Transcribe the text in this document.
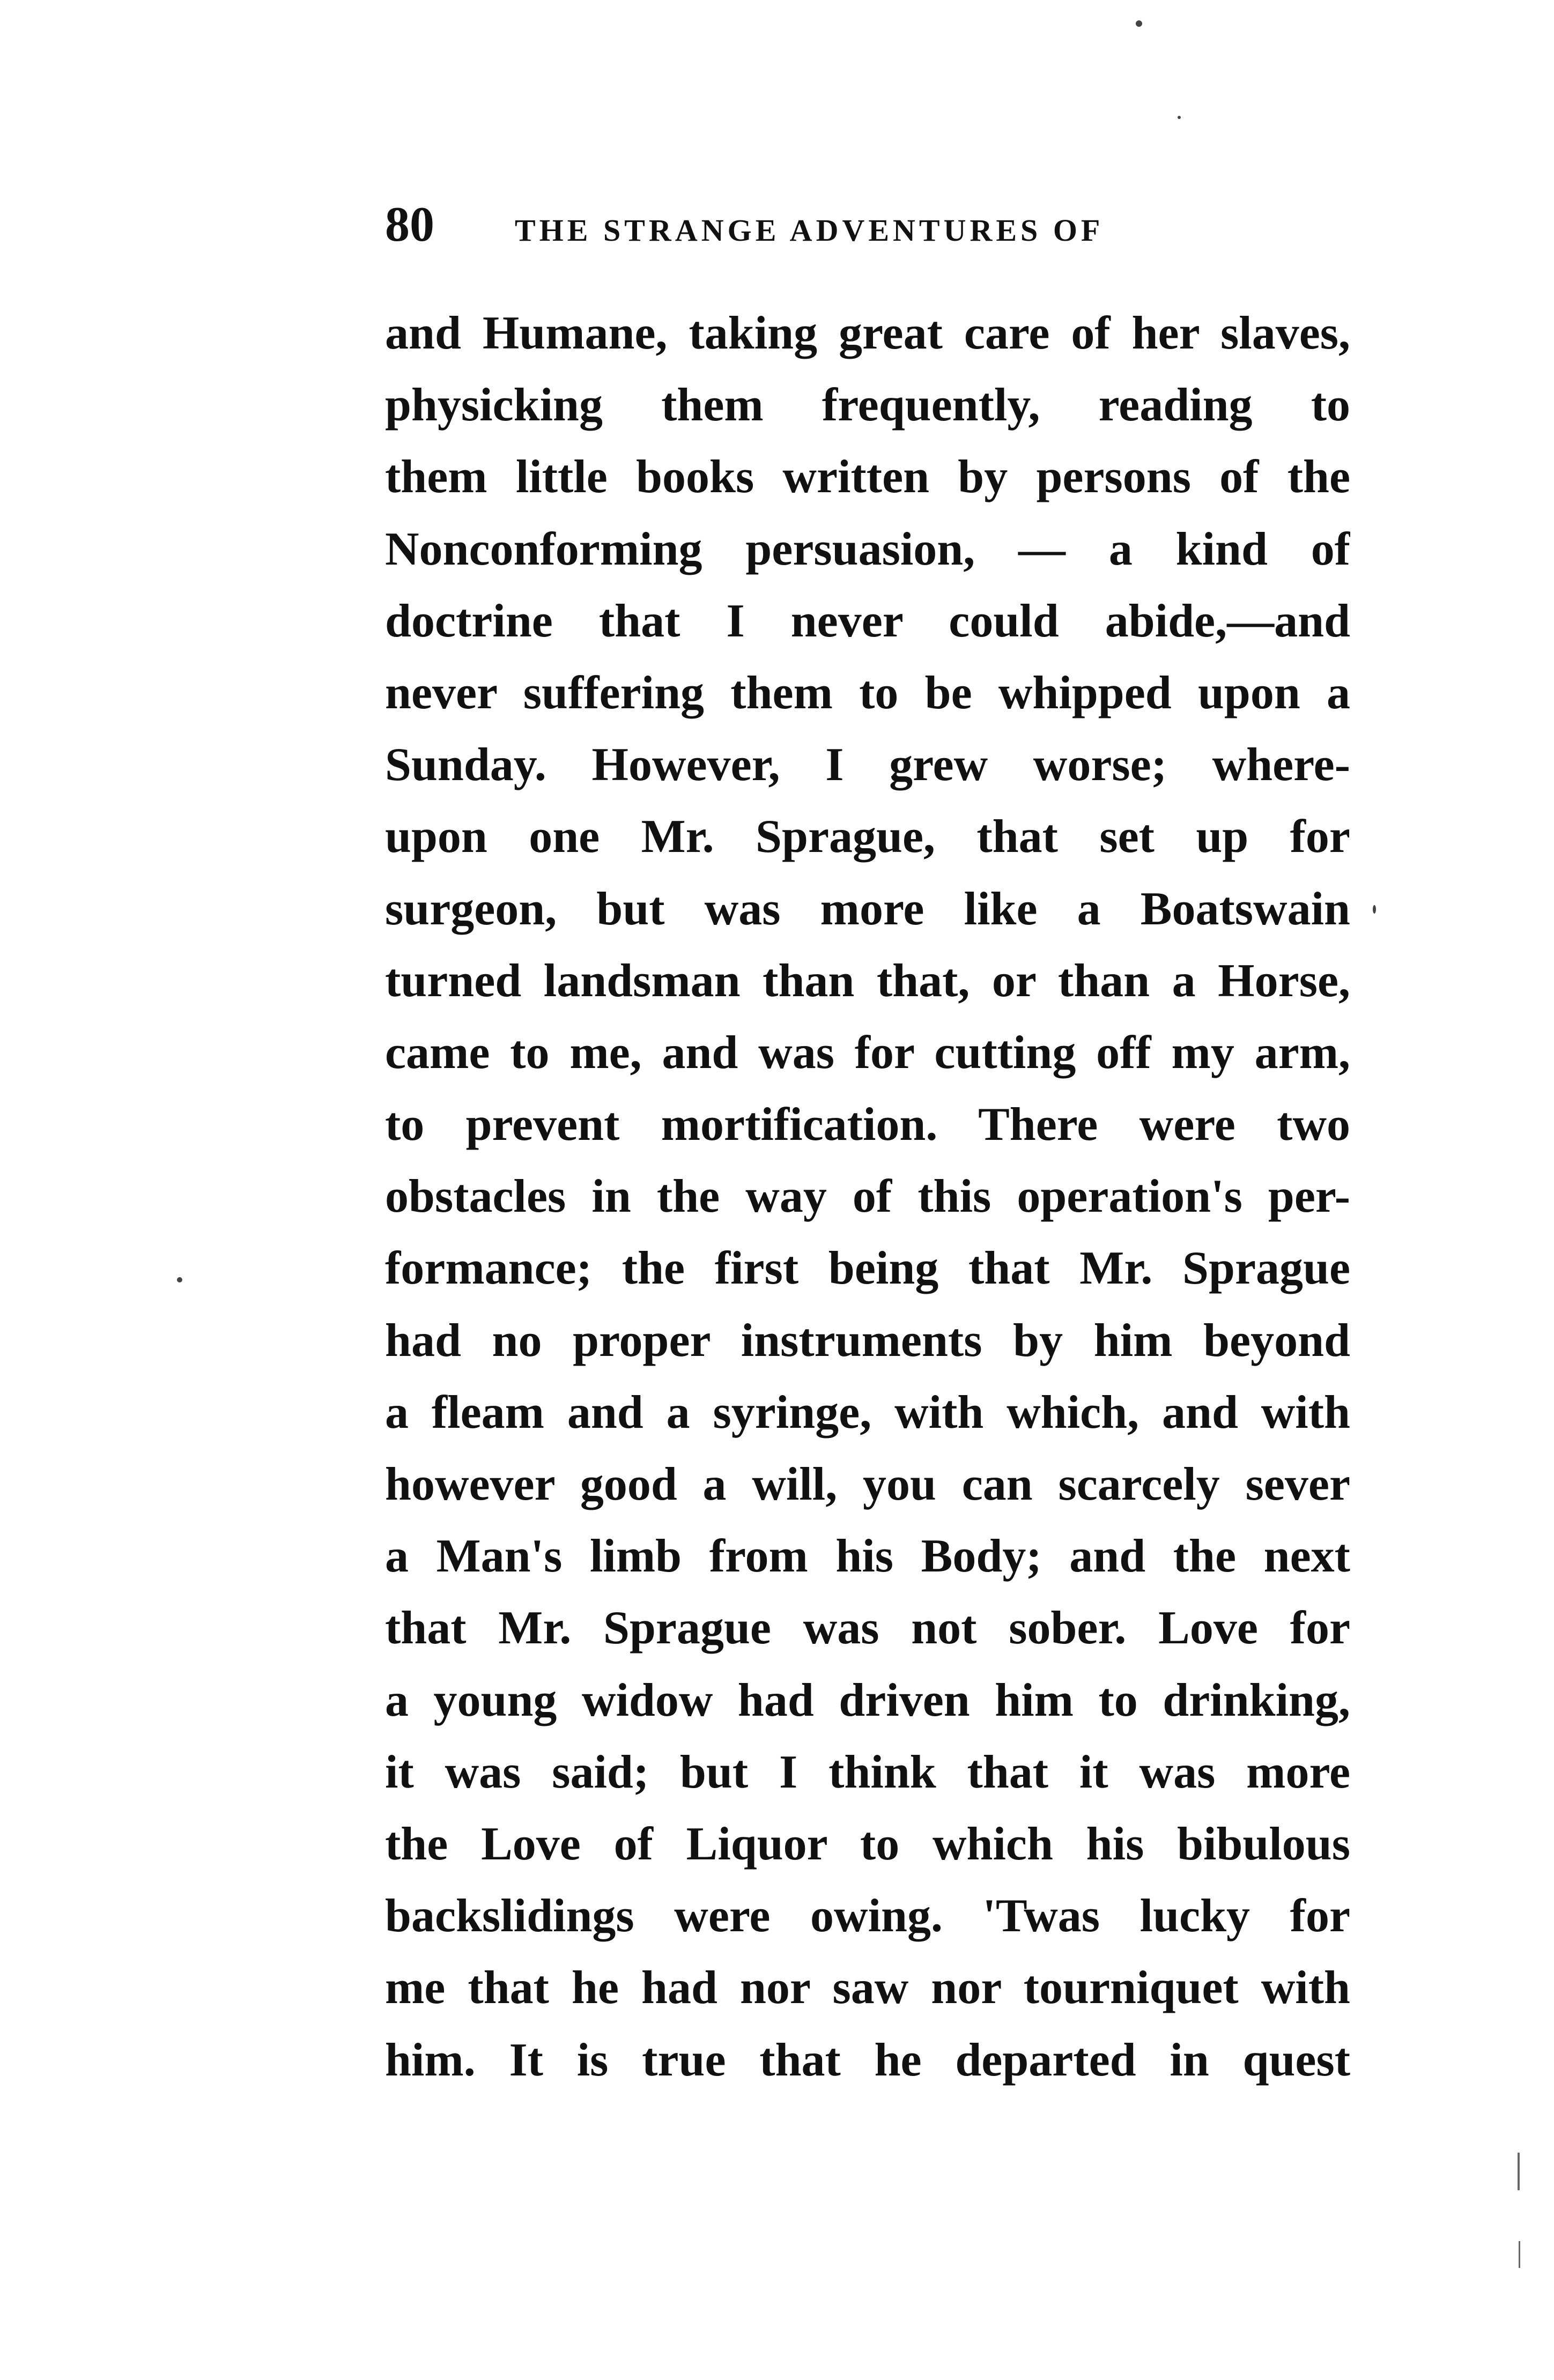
80	THE STRANGE ADVENTURES OF
and Humane, taking great care of her slaves,
physicking them frequently, reading to
them little books written by persons of the
Nonconforming persuasion, — a kind of
doctrine that I never could abide,—and
never suffering them to be whipped upon a
Sunday. However, I grew worse; where-
upon one Mr. Sprague, that set up for
surgeon, but was more like a Boatswain
turned landsman than that, or than a Horse,
came to me, and was for cutting off my arm,
to prevent mortification. There were two
obstacles in the way of this operation's per-
formance; the first being that Mr. Sprague
had no proper instruments by him beyond
a fleam and a syringe, with which, and with
however good a will, you can scarcely sever
a Man's limb from his Body; and the next
that Mr. Sprague was not sober. Love for
a young widow had driven him to drinking,
it was said; but I think that it was more
the Love of Liquor to which his bibulous
backslidings were owing. 'Twas lucky for
me that he had nor saw nor tourniquet with
him. It is true that he departed in quest
